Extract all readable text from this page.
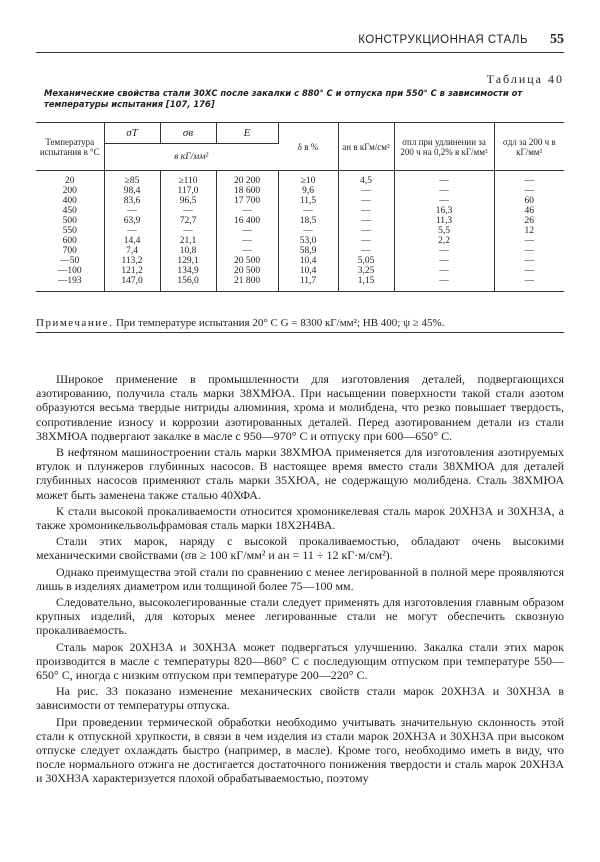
КОНСТРУКЦИОННАЯ СТАЛЬ 55
Таблица 40
Механические свойства стали 30ХС после закалки с 880° С и отпуска при 550° С в зависимости от температуры испытания [107, 176]
Температура испытания в °С	σT	σв	E	δ в %	aн в кГм/см²	σпл при удлинении за 200 ч на 0,2% в кГ/мм²	σдл за 200 ч в кГ/мм²
	в кГ/мм²						
20	≥85	≥110	20 200	≥10	4,5	—	—
200	98,4	117,0	18 600	9,6	—	—	—
400	83,6	96,5	17 700	11,5	—	—	60
450	—	—	—	—	—	16,3	46
500	63,9	72,7	16 400	18,5	—	11,3	26
550	—	—	—	—	—	5,5	12
600	14,4	21,1	—	53,0	—	2,2	—
700	7,4	10,8	—	58,9	—	—	—
—50	113,2	129,1	20 500	10,4	5,05	—	—
—100	121,2	134,9	20 500	10,4	3,25	—	—
—193	147,0	156,0	21 800	11,7	1,15	—	—
Примечание. При температуре испытания 20° С G = 8300 кГ/мм²; HB 400; ψ ≥ 45%.

Широкое применение в промышленности для изготовления деталей, подвергающихся азотированию, получила сталь марки 38ХМЮА. При насыщении поверхности такой стали азотом образуются весьма твердые нитриды алюминия, хрома и молибдена, что резко повышает твердость, сопротивление износу и коррозии азотированных деталей. Перед азотированием детали из стали 38ХМЮА подвергают закалке в масле с 950—970° С и отпуску при 600—650° С.

В нефтяном машиностроении сталь марки 38ХМЮА применяется для изготовления азотируемых втулок и плунжеров глубинных насосов. В настоящее время вместо стали 38ХМЮА для деталей глубинных насосов применяют сталь марки 35ХЮА, не содержащую молибдена. Сталь 38ХМЮА может быть заменена также сталью 40ХФА.

К стали высокой прокаливаемости относится хромоникелевая сталь марок 20ХН3А и 30ХН3А, а также хромоникельвольфрамовая сталь марки 18Х2Н4ВА.

Стали этих марок, наряду с высокой прокаливаемостью, обладают очень высокими механическими свойствами (σв ≥ 100 кГ/мм² и aн = 11 ÷ 12 кГ·м/см²).

Однако преимущества этой стали по сравнению с менее легированной в полной мере проявляются лишь в изделиях диаметром или толщиной более 75—100 мм.

Следовательно, высоколегированные стали следует применять для изготовления главным образом крупных изделий, для которых менее легированные стали не могут обеспечить сквозную прокаливаемость.

Сталь марок 20ХН3А и 30ХН3А может подвергаться улучшению. Закалка стали этих марок производится в масле с температуры 820—860° С с последующим отпуском при температуре 550—650° С, иногда с низким отпуском при температуре 200—220° С.

На рис. 33 показано изменение механических свойств стали марок 20ХН3А и 30ХН3А в зависимости от температуры отпуска.

При проведении термической обработки необходимо учитывать значительную склонность этой стали к отпускной хрупкости, в связи в чем изделия из стали марок 20ХН3А и 30ХН3А при высоком отпуске следует охлаждать быстро (например, в масле). Кроме того, необходимо иметь в виду, что после нормального отжига не достигается достаточного понижения твердости и сталь марок 20ХН3А и 30ХН3А характеризуется плохой обрабатываемостью, поэтому
